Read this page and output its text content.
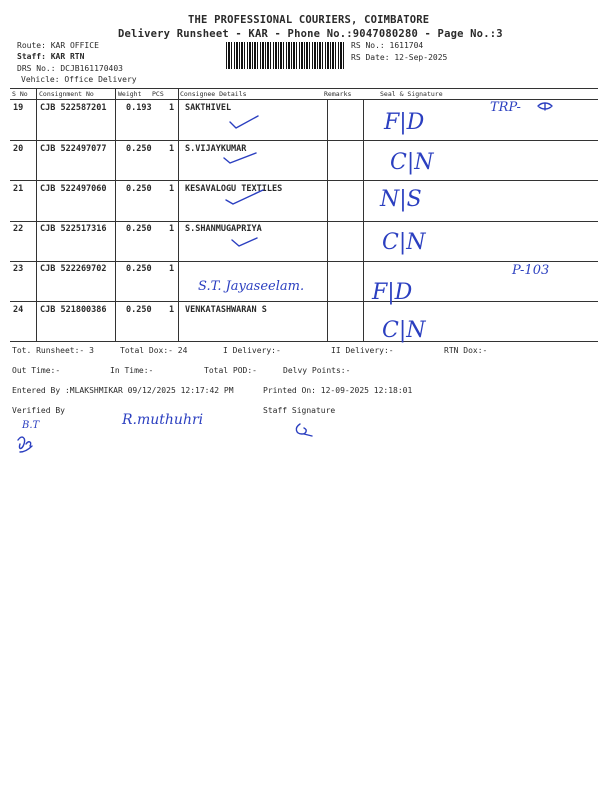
THE PROFESSIONAL COURIERS, COIMBATORE
Delivery Runsheet - KAR - Phone No.:9047080280 - Page No.:3
Route: KAR OFFICE
Staff: KAR RTN
DRS No.: DCJB161170403
Vehicle: Office Delivery
RS No.: 1611704
RS Date: 12-Sep-2025
S No Consignment No	Weight PCS	Consignee Details	Remarks	Seal & Signature
19 CJB 522587201 0.193 1 SAKTHIVEL
F|D
TRP-
20 CJB 522497077 0.250 1 S.VIJAYKUMAR
C|N
21 CJB 522497060 0.250 1 KESAVALOGU TEXTILES	N|S
22 CJB 522517316 0.250 1 S.SHANMUGAPRIYA
C|N
23 CJB 522269702 0.250 1
S.T. Jayaseelam.	F|D
P-103
24 CJB 521800386 0.250 1 VENKATASHWARAN S
C|N
Tot. Runsheet:- 3	Total Dox:- 24	I Delivery:-	II Delivery:-	RTN Dox:-
Out Time:-	In Time:-	Total POD:-	Delvy Points:-
Entered By :MLAKSHMIKAR 09/12/2025 12:17:42 PM	Printed On: 12-09-2025 12:18:01
Verified By	Staff Signature
R.muthuhri
B.T
